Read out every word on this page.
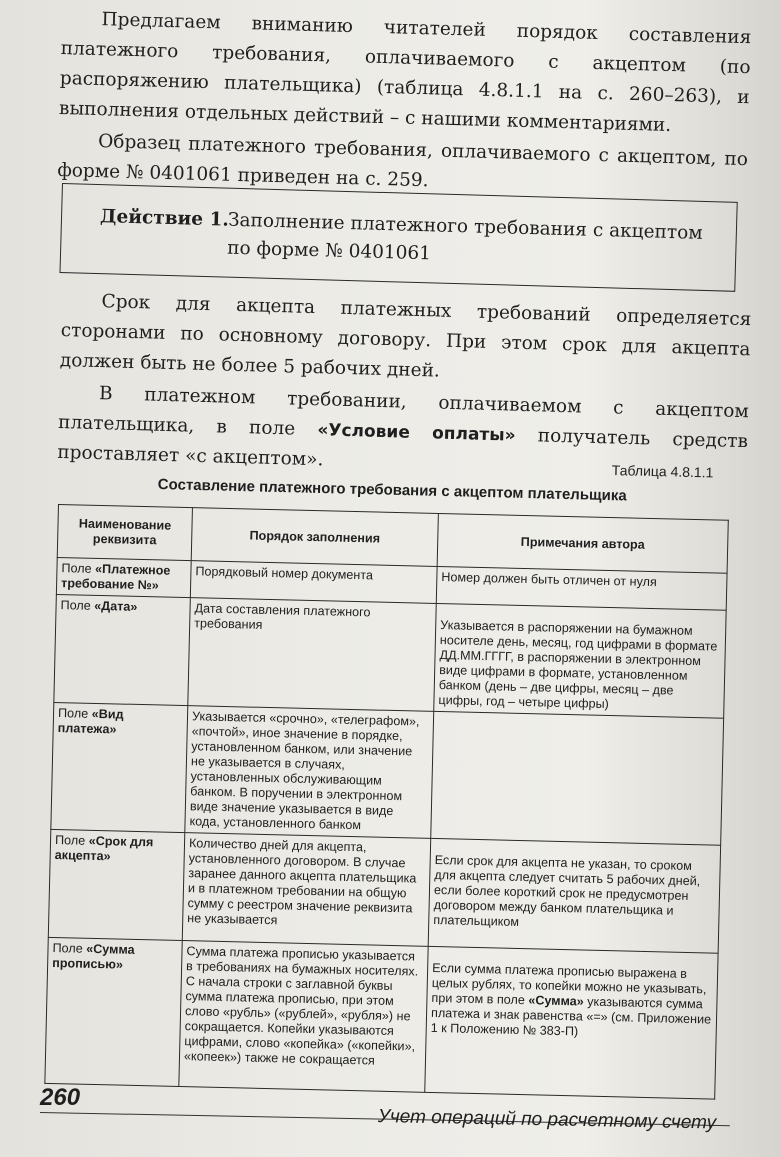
Предлагаем вниманию читателей порядок составления платежного требования, оплачиваемого с акцептом (по распоряжению плательщика) (таблица 4.8.1.1 на с. 260–263), и выполнения отдельных действий – с нашими комментариями.

Образец платежного требования, оплачиваемого с акцептом, по форме № 0401061 приведен на с. 259.

Действие 1.
Заполнение платежного требования с акцептом
по форме № 0401061

Срок для акцепта платежных требований определяется сторонами по основному договору. При этом срок для акцепта должен быть не более 5 рабочих дней.

В платежном требовании, оплачиваемом с акцептом плательщика, в поле «Условие оплаты» получатель средств проставляет «с акцептом».

Таблица 4.8.1.1
Составление платежного требования с акцептом плательщика
Наименование реквизита	Порядок заполнения	Примечания автора
Поле «Платежное требование №»	Порядковый номер документа	Номер должен быть отличен от нуля
Поле «Дата»	Дата составления платежного требования	Указывается в распоряжении на бумажном носителе день, месяц, год цифрами в формате ДД.ММ.ГГГГ, в распоряжении в электронном виде цифрами в формате, установленном банком (день – две цифры, месяц – две цифры, год – четыре цифры)
Поле «Вид платежа»	Указывается «срочно», «телеграфом», «почтой», иное значение в порядке, установленном банком, или значение не указывается в случаях, установленных обслуживающим банком. В поручении в электронном виде значение указывается в виде кода, установленного банком	
Поле «Срок для акцепта»	Количество дней для акцепта, установленного договором. В случае заранее данного акцепта плательщика и в платежном требовании на общую сумму с реестром значение реквизита не указывается	Если срок для акцепта не указан, то сроком для акцепта следует считать 5 рабочих дней, если более короткий срок не предусмотрен договором между банком плательщика и плательщиком
Поле «Сумма прописью»	Сумма платежа прописью указывается в требованиях на бумажных носителях. С начала строки с заглавной буквы сумма платежа прописью, при этом слово «рубль» («рублей», «рубля») не сокращается. Копейки указываются цифрами, слово «копейка» («копейки», «копеек») также не сокращается	Если сумма платежа прописью выражена в целых рублях, то копейки можно не указывать, при этом в поле «Сумма» указываются сумма платежа и знак равенства «=» (см. Приложение 1 к Положению № 383-П)
260
Учет операций по расчетному счету
